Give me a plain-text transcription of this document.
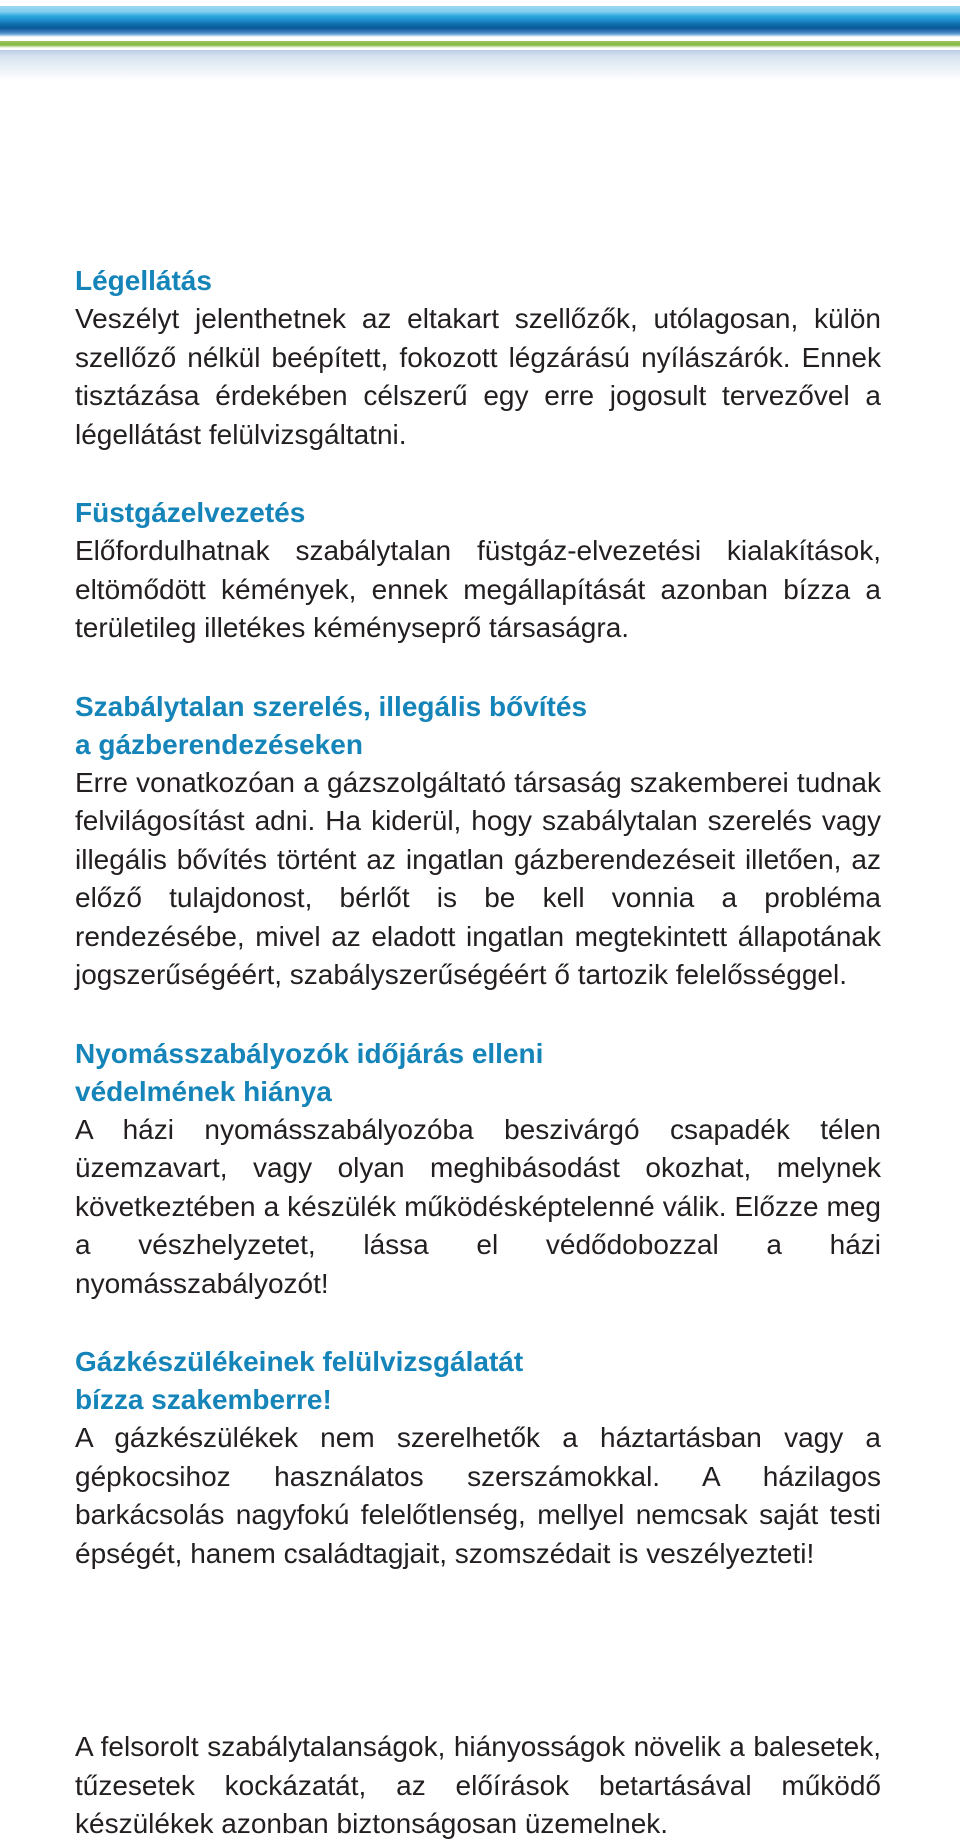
Légellátás

Veszélyt jelenthetnek az eltakart szellőzők, utólagosan, külön szellőző nélkül beépített, fokozott légzárású nyílászárók. Ennek tisztázása érdekében célszerű egy erre jogosult tervezővel a légellátást felülvizsgáltatni.

Füstgázelvezetés

Előfordulhatnak szabálytalan füstgáz-elvezetési kialakítások, eltömődött kémények, ennek megállapítását azonban bízza a területileg illetékes kéményseprő társaságra.

Szabálytalan szerelés, illegális bővítés
a gázberendezéseken

Erre vonatkozóan a gázszolgáltató társaság szakemberei tudnak felvilágosítást adni. Ha kiderül, hogy szabálytalan szerelés vagy illegális bővítés történt az ingatlan gázberendezéseit illetően, az előző tulajdonost, bérlőt is be kell vonnia a probléma rendezésébe, mivel az eladott ingatlan megtekintett állapotának jogszerűségéért, szabályszerűségéért ő tartozik felelősséggel.

Nyomásszabályozók időjárás elleni
védelmének hiánya

A házi nyomásszabályozóba beszivárgó csapadék télen üzemzavart, vagy olyan meghibásodást okozhat, melynek következtében a készülék működésképtelenné válik. Előzze meg a vészhelyzetet, lássa el védődobozzal a házi nyomásszabályozót!

Gázkészülékeinek felülvizsgálatát
bízza szakemberre!

A gázkészülékek nem szerelhetők a háztartásban vagy a gépkocsihoz használatos szerszámokkal. A házilagos barkácsolás nagyfokú felelőtlenség, mellyel nemcsak saját testi épségét, hanem családtagjait, szomszédait is veszélyezteti!

A felsorolt szabálytalanságok, hiányosságok növelik a balesetek, tűzesetek kockázatát, az előírások betartásával működő készülékek azonban biztonságosan üzemelnek.
